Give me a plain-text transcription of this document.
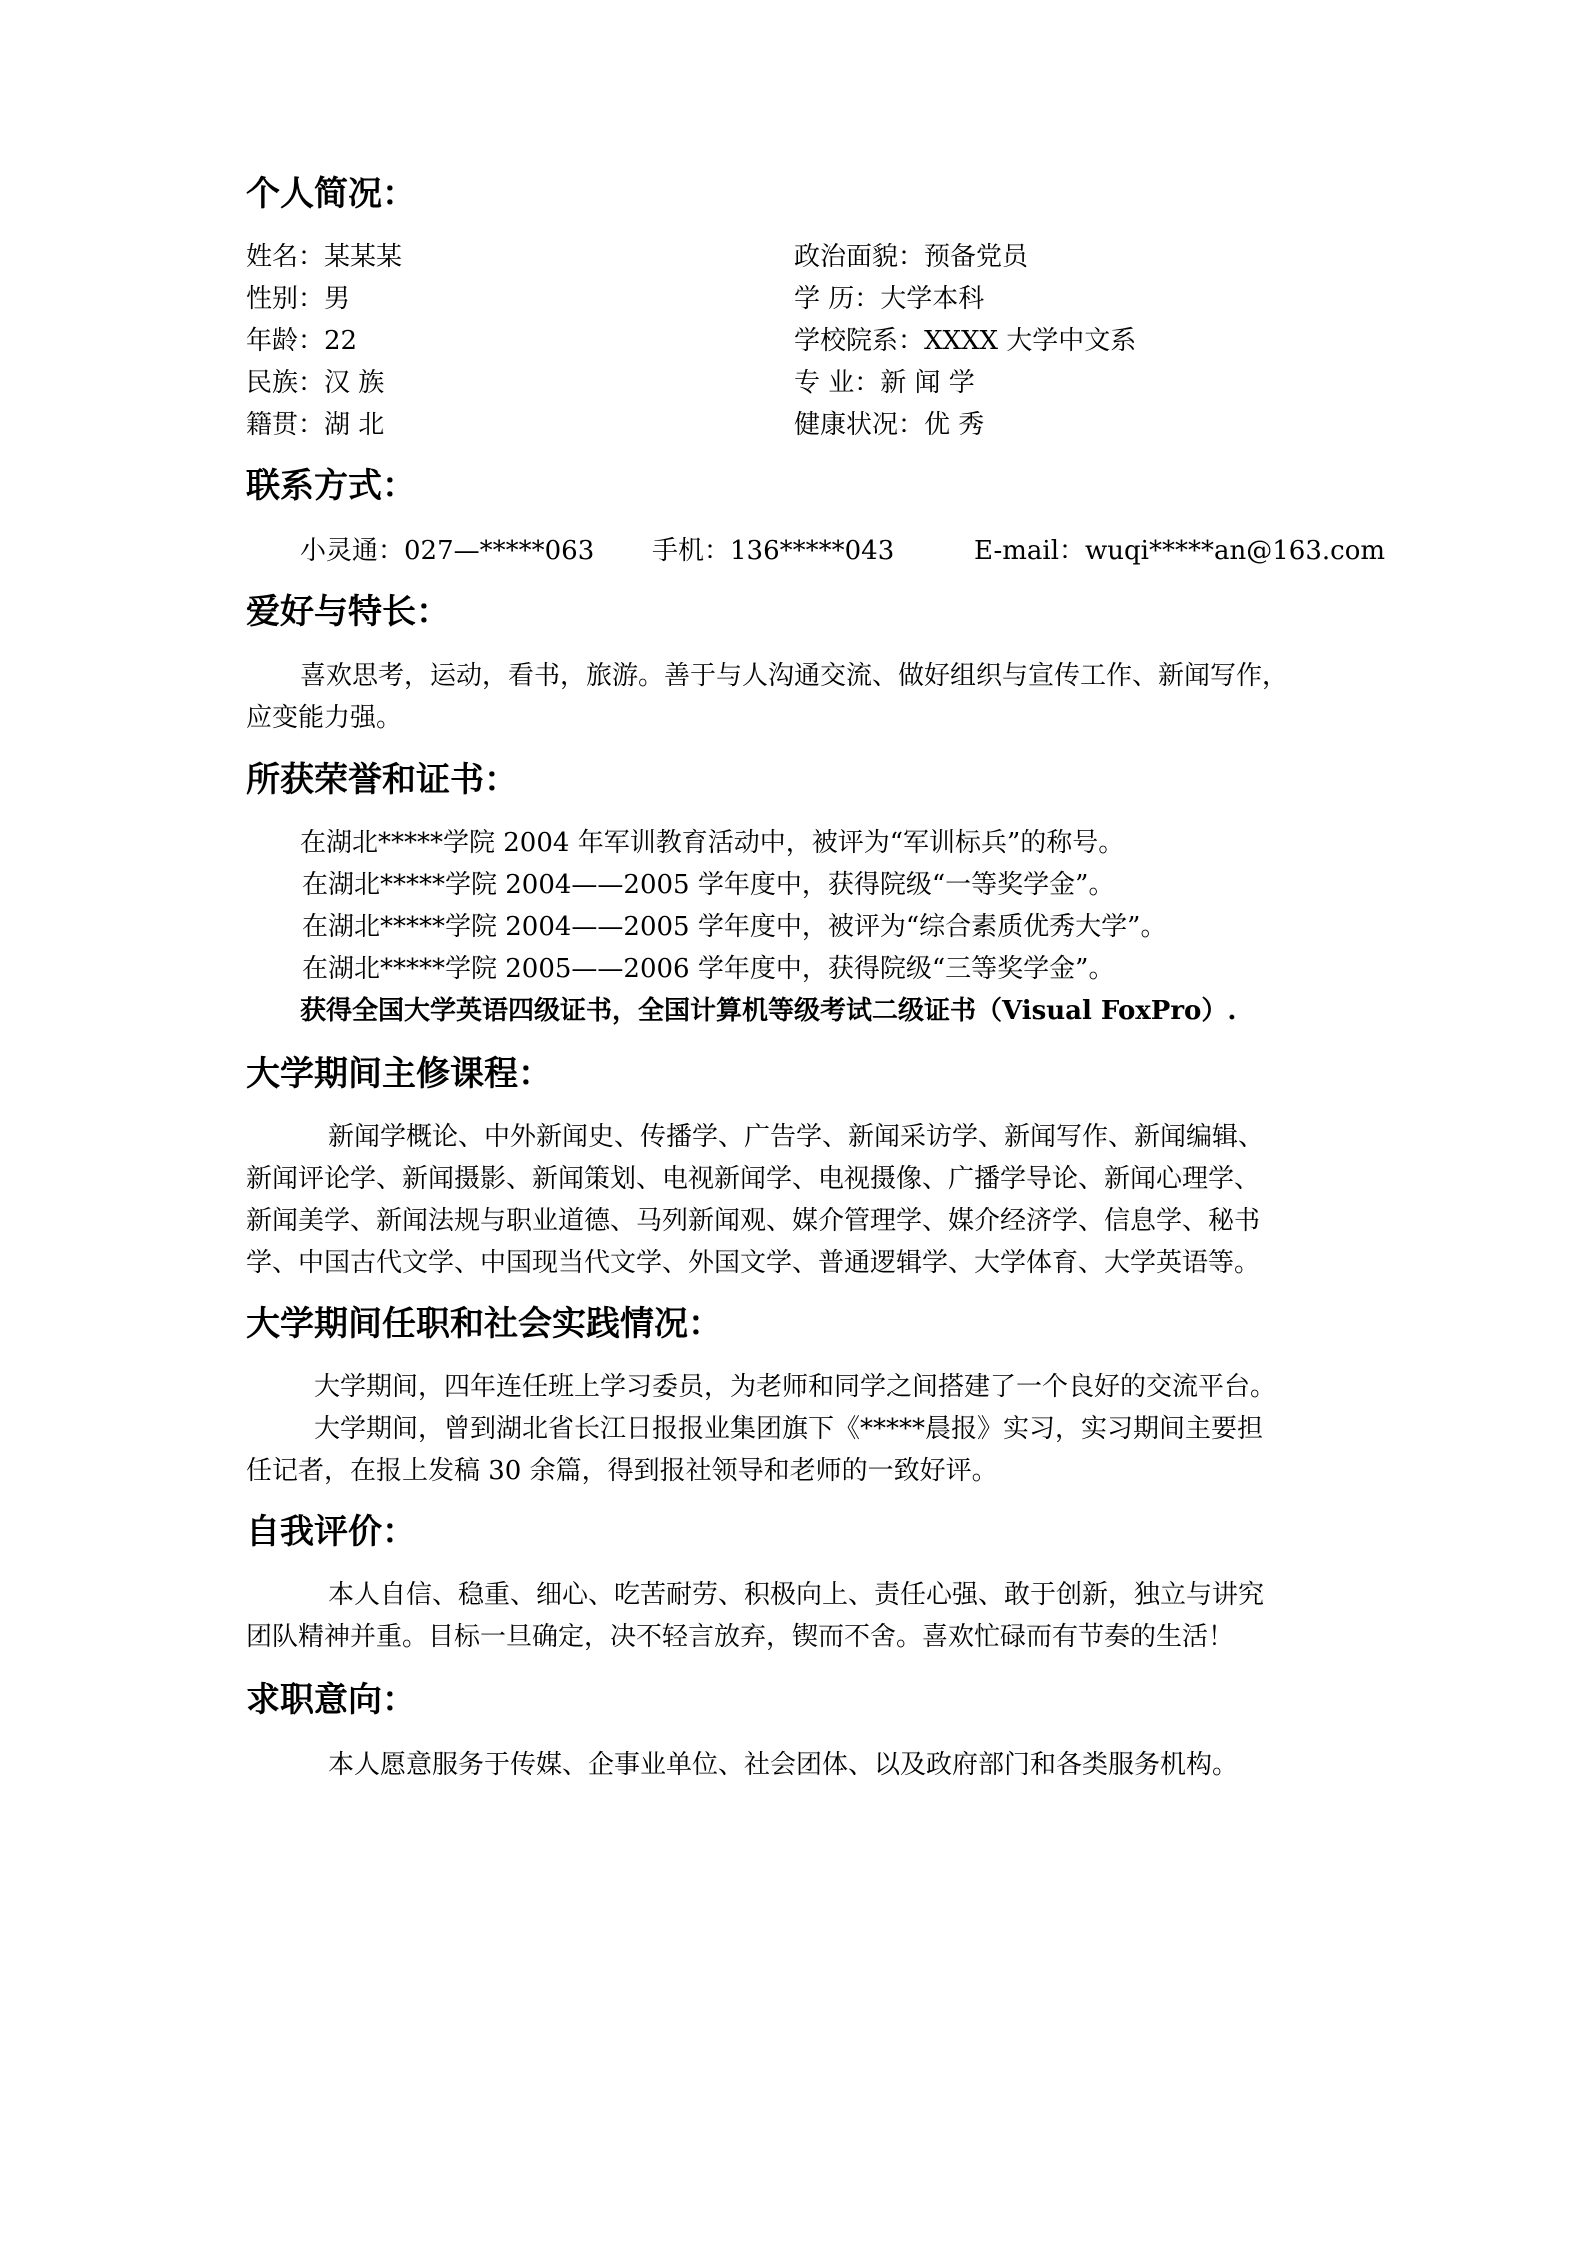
个人简况：
姓名：某某某
性别：男
年龄：22
民族：汉 族
籍贯：湖 北
政治面貌：预备党员
学 历：大学本科
学校院系：XXXX 大学中文系
专 业：新 闻 学
健康状况：优 秀
联系方式：
小灵通：027—*****063 手机：136*****043	E-mail：wuqi*****an@163.com
爱好与特长：
喜欢思考，运动，看书，旅游。善于与人沟通交流、做好组织与宣传工作、新闻写作，
应变能力强。
所获荣誉和证书：
在湖北*****学院 2004 年军训教育活动中，被评为“军训标兵”的称号。
在湖北*****学院 2004——2005 学年度中，获得院级“一等奖学金”。
在湖北*****学院 2004——2005 学年度中，被评为“综合素质优秀大学”。
在湖北*****学院 2005——2006 学年度中，获得院级“三等奖学金”。
获得全国大学英语四级证书，全国计算机等级考试二级证书（Visual FoxPro）.
大学期间主修课程：
新闻学概论、中外新闻史、传播学、广告学、新闻采访学、新闻写作、新闻编辑、
新闻评论学、新闻摄影、新闻策划、电视新闻学、电视摄像、广播学导论、新闻心理学、
新闻美学、新闻法规与职业道德、马列新闻观、媒介管理学、媒介经济学、信息学、秘书
学、中国古代文学、中国现当代文学、外国文学、普通逻辑学、大学体育、大学英语等。
大学期间任职和社会实践情况：
大学期间，四年连任班上学习委员，为老师和同学之间搭建了一个良好的交流平台。
大学期间，曾到湖北省长江日报报业集团旗下《*****晨报》实习，实习期间主要担
任记者，在报上发稿 30 余篇，得到报社领导和老师的一致好评。
自我评价：
本人自信、稳重、细心、吃苦耐劳、积极向上、责任心强、敢于创新，独立与讲究
团队精神并重。目标一旦确定，决不轻言放弃，锲而不舍。喜欢忙碌而有节奏的生活！
求职意向：
本人愿意服务于传媒、企事业单位、社会团体、以及政府部门和各类服务机构。
